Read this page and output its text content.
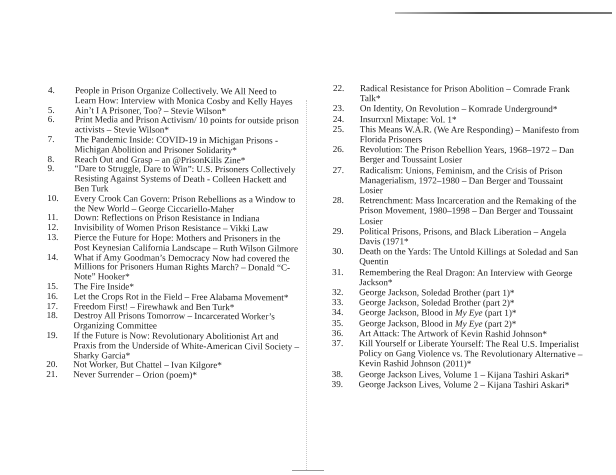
4.	People in Prison Organize Collectively. We All Need to
Learn How: Interview with Monica Cosby and Kelly Hayes
5.	Ain’t I A Prisoner, Too? – Stevie Wilson*
6.	Print Media and Prison Activism/ 10 points for outside prison
activists – Stevie Wilson*
7.	The Pandemic Inside: COVID-19 in Michigan Prisons -
Michigan Abolition and Prisoner Solidarity*
8.	Reach Out and Grasp – an @PrisonKills Zine*
9.	“Dare to Struggle, Dare to Win”: U.S. Prisoners Collectively
Resisting Against Systems of Death - Colleen Hackett and
Ben Turk
10.	Every Crook Can Govern: Prison Rebellions as a Window to
the New World – George Ciccariello-Maher
11.	Down: Reflections on Prison Resistance in Indiana
12.	Invisibility of Women Prison Resistance – Vikki Law
13.	Pierce the Future for Hope: Mothers and Prisoners in the
Post Keynesian California Landscape – Ruth Wilson Gilmore
14.	What if Amy Goodman’s Democracy Now had covered the
Millions for Prisoners Human Rights March? – Donald “C-
Note” Hooker*
15.	The Fire Inside*
16.	Let the Crops Rot in the Field – Free Alabama Movement*
17.	Freedom First! – Firewhawk and Ben Turk*
18.	Destroy All Prisons Tomorrow – Incarcerated Worker’s
Organizing Committee
19.	If the Future is Now: Revolutionary Abolitionist Art and
Praxis from the Underside of White-American Civil Society –
Sharky Garcia*
20.	Not Worker, But Chattel – Ivan Kilgore*
21.	Never Surrender – Orion (poem)*
22.	Radical Resistance for Prison Abolition – Comrade Frank
Talk*
23.	On Identity, On Revolution – Komrade Underground*
24.	Insurrxnl Mixtape: Vol. 1*
25.	This Means W.A.R. (We Are Responding) – Manifesto from
Florida Prisoners
26.	Revolution: The Prison Rebellion Years, 1968–1972 – Dan
Berger and Toussaint Losier
27.	Radicalism: Unions, Feminism, and the Crisis of Prison
Managerialism, 1972–1980 – Dan Berger and Toussaint
Losier
28.	Retrenchment: Mass Incarceration and the Remaking of the
Prison Movement, 1980–1998 – Dan Berger and Toussaint
Losier
29.	Political Prisons, Prisons, and Black Liberation – Angela
Davis (1971*
30.	Death on the Yards: The Untold Killings at Soledad and San
Quentin
31.	Remembering the Real Dragon: An Interview with George
Jackson*
32.	George Jackson, Soledad Brother (part 1)*
33.	George Jackson, Soledad Brother (part 2)*
34.	George Jackson, Blood in My Eye (part 1)*
35.	George Jackson, Blood in My Eye (part 2)*
36.	Art Attack: The Artwork of Kevin Rashid Johnson*
37.	Kill Yourself or Liberate Yourself: The Real U.S. Imperialist
Policy on Gang Violence vs. The Revolutionary Alternative –
Kevin Rashid Johnson (2011)*
38.	George Jackson Lives, Volume 1 – Kijana Tashiri Askari*
39.	George Jackson Lives, Volume 2 – Kijana Tashiri Askari*
